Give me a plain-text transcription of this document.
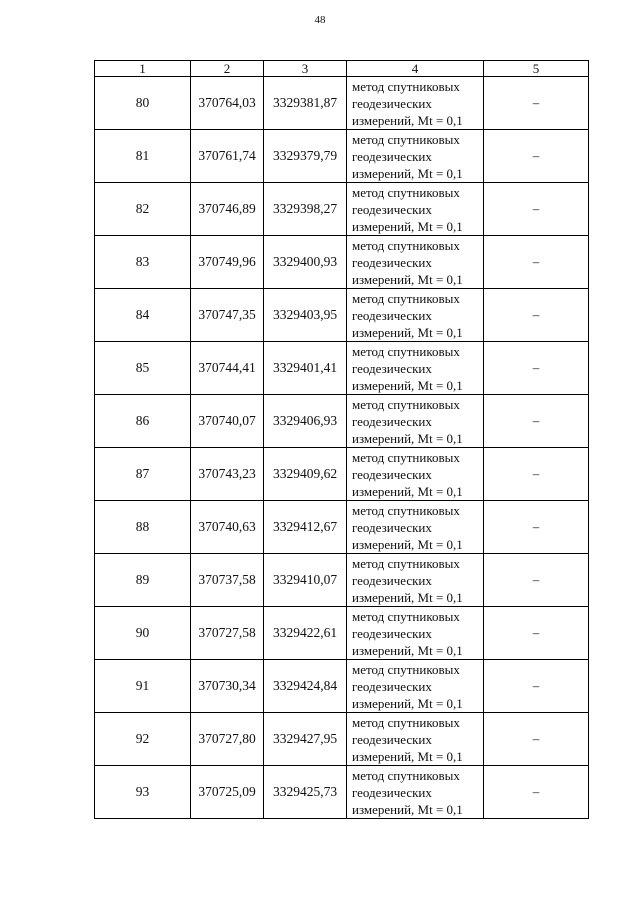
48
1	2	3	4	5
80	370764,03	3329381,87	метод спутниковых
геодезических
измерений, Mt = 0,1	–
81	370761,74	3329379,79	метод спутниковых
геодезических
измерений, Mt = 0,1	–
82	370746,89	3329398,27	метод спутниковых
геодезических
измерений, Mt = 0,1	–
83	370749,96	3329400,93	метод спутниковых
геодезических
измерений, Mt = 0,1	–
84	370747,35	3329403,95	метод спутниковых
геодезических
измерений, Mt = 0,1	–
85	370744,41	3329401,41	метод спутниковых
геодезических
измерений, Mt = 0,1	–
86	370740,07	3329406,93	метод спутниковых
геодезических
измерений, Mt = 0,1	–
87	370743,23	3329409,62	метод спутниковых
геодезических
измерений, Mt = 0,1	–
88	370740,63	3329412,67	метод спутниковых
геодезических
измерений, Mt = 0,1	–
89	370737,58	3329410,07	метод спутниковых
геодезических
измерений, Mt = 0,1	–
90	370727,58	3329422,61	метод спутниковых
геодезических
измерений, Mt = 0,1	–
91	370730,34	3329424,84	метод спутниковых
геодезических
измерений, Mt = 0,1	–
92	370727,80	3329427,95	метод спутниковых
геодезических
измерений, Mt = 0,1	–
93	370725,09	3329425,73	метод спутниковых
геодезических
измерений, Mt = 0,1	–
